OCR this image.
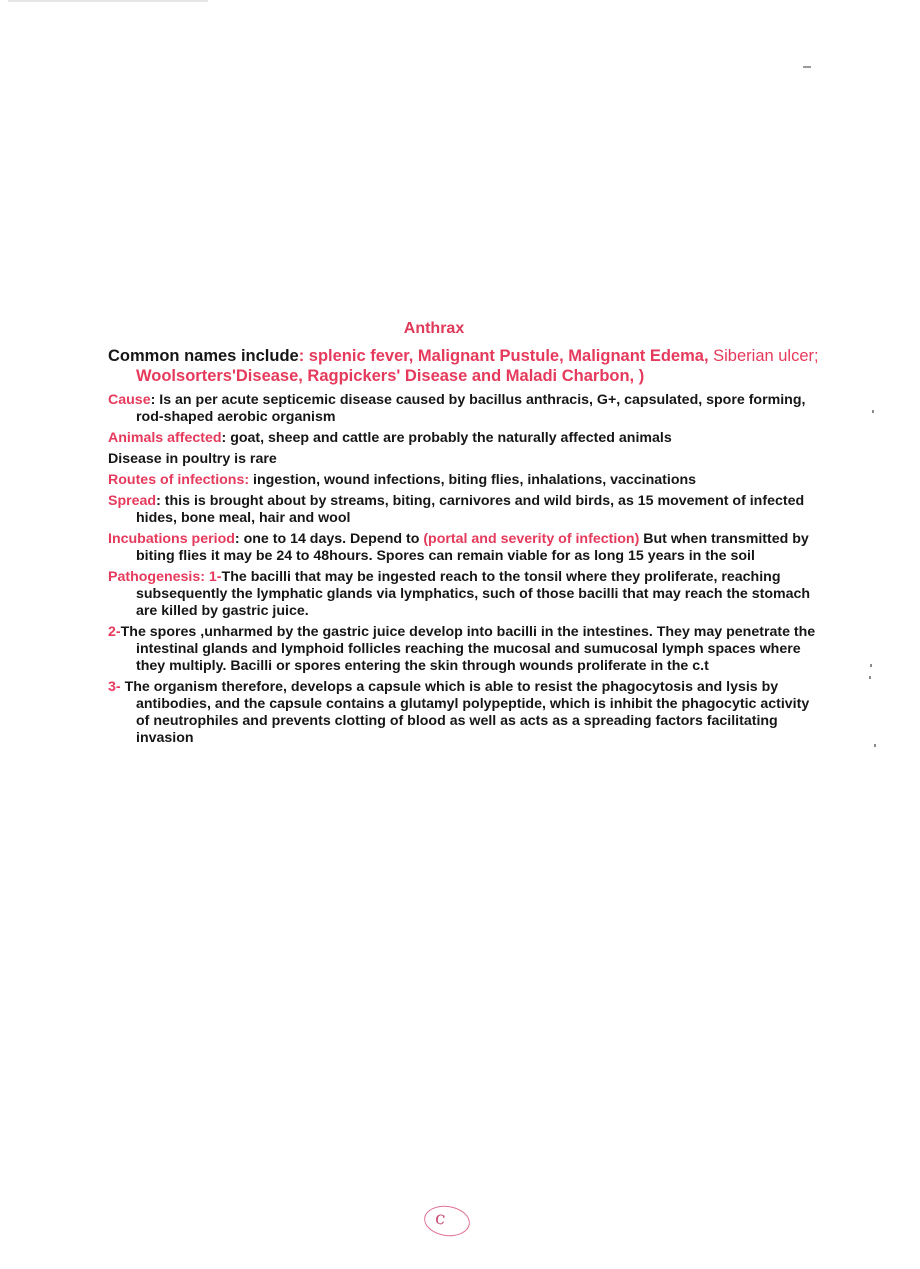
Anthrax

Common names include: splenic fever, Malignant Pustule, Malignant Edema, Siberian ulcer; Woolsorters'Disease, Ragpickers' Disease and Maladi Charbon, )

Cause: Is an per acute septicemic disease caused by bacillus anthracis, G+, capsulated, spore forming, rod-shaped aerobic organism

Animals affected: goat, sheep and cattle are probably the naturally affected animals

Disease in poultry is rare

Routes of infections: ingestion, wound infections, biting flies, inhalations, vaccinations

Spread: this is brought about by streams, biting, carnivores and wild birds, as 15 movement of infected hides, bone meal, hair and wool

Incubations period: one to 14 days. Depend to (portal and severity of infection) But when transmitted by biting flies it may be 24 to 48hours. Spores can remain viable for as long 15 years in the soil

Pathogenesis: 1-The bacilli that may be ingested reach to the tonsil where they proliferate, reaching subsequently the lymphatic glands via lymphatics, such of those bacilli that may reach the stomach are killed by gastric juice.

2-The spores ,unharmed by the gastric juice develop into bacilli in the intestines. They may penetrate the intestinal glands and lymphoid follicles reaching the mucosal and sumucosal lymph spaces where they multiply. Bacilli or spores entering the skin through wounds proliferate in the c.t

3- The organism therefore, develops a capsule which is able to resist the phagocytosis and lysis by antibodies, and the capsule contains a glutamyl polypeptide, which is inhibit the phagocytic activity of neutrophiles and prevents clotting of blood as well as acts as a spreading factors facilitating invasion

c
